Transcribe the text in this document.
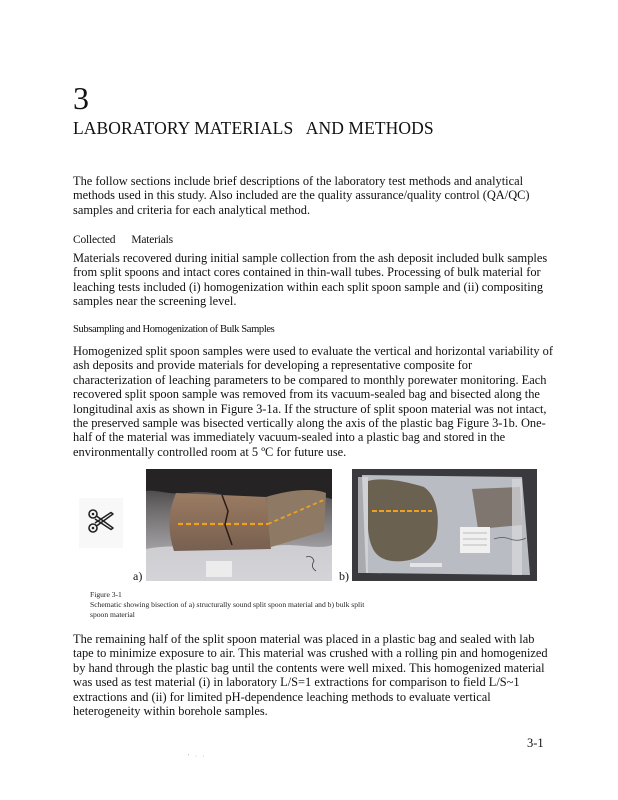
3
LABORATORY MATERIALS   AND METHODS
The follow sections include brief descriptions of the laboratory test methods and analytical methods used in this study. Also included are the quality assurance/quality control (QA/QC) samples and criteria for each analytical method.
Collected      Materials
Materials recovered during initial sample collection from the ash deposit included bulk samples from split spoons and intact cores contained in thin-wall tubes. Processing of bulk material for leaching tests included (i) homogenization within each split spoon sample and (ii) compositing samples near the screening level.
Subsampling and Homogenization of Bulk Samples
Homogenized split spoon samples were used to evaluate the vertical and horizontal variability of ash deposits and provide materials for developing a representative composite for characterization of leaching parameters to be compared to monthly porewater monitoring. Each recovered split spoon sample was removed from its vacuum-sealed bag and bisected along the longitudinal axis as shown in Figure 3-1a. If the structure of split spoon material was not intact, the preserved sample was bisected vertically along the axis of the plastic bag Figure 3-1b. One-half of the material was immediately vacuum-sealed into a plastic bag and stored in the environmentally controlled room at 5 ºC for future use.
a)	b)
Figure 3-1
Schematic showing bisection of a) structurally sound split spoon material and b) bulk split spoon material
The remaining half of the split spoon material was placed in a plastic bag and sealed with lab tape to minimize exposure to air. This material was crushed with a rolling pin and homogenized by hand through the plastic bag until the contents were well mixed. This homogenized material was used as test material (i) in laboratory L/S=1 extractions for comparison to field L/S~1 extractions and (ii) for limited pH-dependence leaching methods to evaluate vertical heterogeneity within borehole samples.
3-1
′ · ·
